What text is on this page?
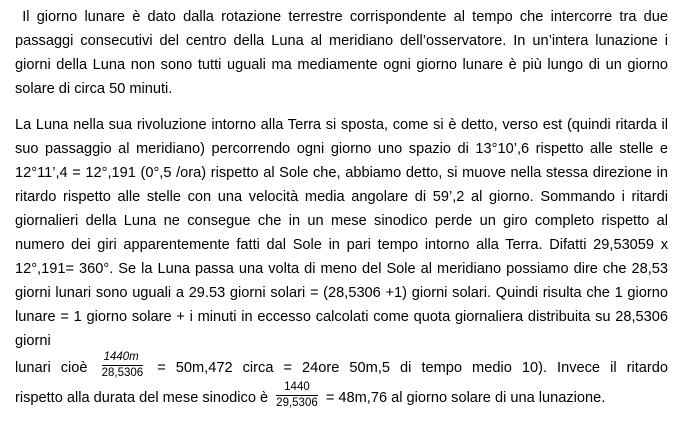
Il giorno lunare è dato dalla rotazione terrestre corrispondente al tempo che intercorre tra due passaggi consecutivi del centro della Luna al meridiano dell’osservatore. In un’intera lunazione i giorni della Luna non sono tutti uguali ma mediamente ogni giorno lunare è più lungo di un giorno solare di circa 50 minuti.

La Luna nella sua rivoluzione intorno alla Terra si sposta, come si è detto, verso est (quindi ritarda il suo passaggio al meridiano) percorrendo ogni giorno uno spazio di 13°10’,6 rispetto alle stelle e 12°11’,4 = 12°,191 (0°,5 /ora) rispetto al Sole che, abbiamo detto, si muove nella stessa direzione in ritardo rispetto alle stelle con una velocità media angolare di 59’,2 al giorno. Sommando i ritardi giornalieri della Luna ne consegue che in un mese sinodico perde un giro completo rispetto al numero dei giri apparentemente fatti dal Sole in pari tempo intorno alla Terra. Difatti 29,53059 x 12°,191= 360°. Se la Luna passa una volta di meno del Sole al meridiano possiamo dire che 28,53 giorni lunari sono uguali a 29.53 giorni solari = (28,5306 +1) giorni solari. Quindi risulta che 1 giorno lunare = 1 giorno solare + i minuti in eccesso calcolati come quota giornaliera distribuita su 28,5306 giorni

lunari cioè $\frac{1440m}{28,5306} = 50m,472$ circa = 24ore 50m,5 di tempo medio 10). Invece il ritardo

rispetto alla durata del mese sinodico è $\frac{1440}{29,5306} = 48m,76$ al giorno solare di una lunazione.
